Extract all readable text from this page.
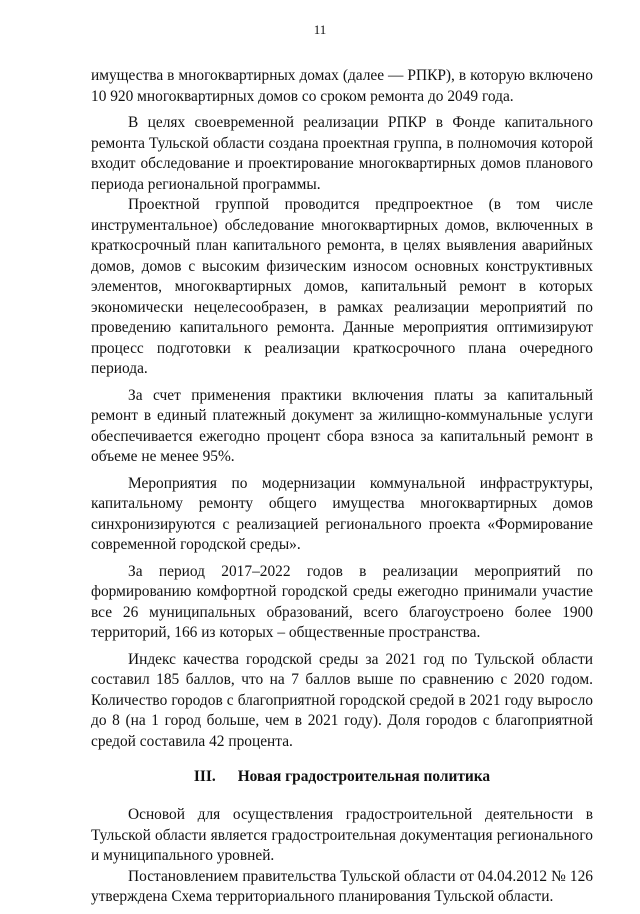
11

имущества в многоквартирных домах (далее — РПКР), в которую включено 10 920 многоквартирных домов со сроком ремонта до 2049 года.

В целях своевременной реализации РПКР в Фонде капитального ремонта Тульской области создана проектная группа, в полномочия которой входит обследование и проектирование многоквартирных домов планового периода региональной программы.

Проектной группой проводится предпроектное (в том числе инструментальное) обследование многоквартирных домов, включенных в краткосрочный план капитального ремонта, в целях выявления аварийных домов, домов с высоким физическим износом основных конструктивных элементов, многоквартирных домов, капитальный ремонт в которых экономически нецелесообразен, в рамках реализации мероприятий по проведению капитального ремонта. Данные мероприятия оптимизируют процесс подготовки к реализации краткосрочного плана очередного периода.

За счет применения практики включения платы за капитальный ремонт в единый платежный документ за жилищно-коммунальные услуги обеспечивается ежегодно процент сбора взноса за капитальный ремонт в объеме не менее 95%.

Мероприятия по модернизации коммунальной инфраструктуры, капитальному ремонту общего имущества многоквартирных домов синхронизируются с реализацией регионального проекта «Формирование современной городской среды».

За период 2017–2022 годов в реализации мероприятий по формированию комфортной городской среды ежегодно принимали участие все 26 муниципальных образований, всего благоустроено более 1900 территорий, 166 из которых – общественные пространства.

Индекс качества городской среды за 2021 год по Тульской области составил 185 баллов, что на 7 баллов выше по сравнению с 2020 годом. Количество городов с благоприятной городской средой в 2021 году выросло до 8 (на 1 город больше, чем в 2021 году). Доля городов с благоприятной средой составила 42 процента.

III. Новая градостроительная политика

Основой для осуществления градостроительной деятельности в Тульской области является градостроительная документация регионального и муниципального уровней.

Постановлением правительства Тульской области от 04.04.2012 № 126 утверждена Схема территориального планирования Тульской области.
